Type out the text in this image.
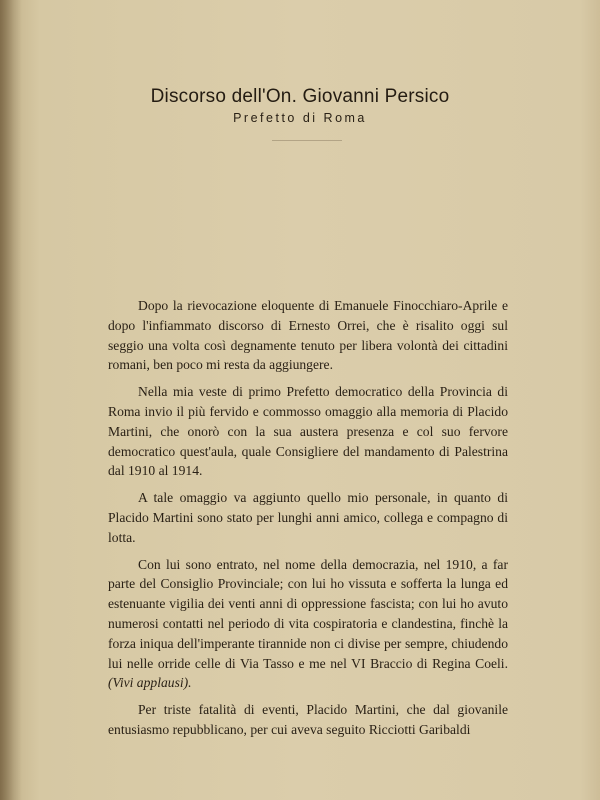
Discorso dell'On. Giovanni Persico
Prefetto di Roma

Dopo la rievocazione eloquente di Emanuele Finocchiaro-Aprile e dopo l'infiammato discorso di Ernesto Orrei, che è risalito oggi sul seggio una volta così degnamente tenuto per libera volontà dei cittadini romani, ben poco mi resta da aggiungere.

Nella mia veste di primo Prefetto democratico della Provincia di Roma invio il più fervido e commosso omaggio alla memoria di Placido Martini, che onorò con la sua austera presenza e col suo fervore democratico quest'aula, quale Consigliere del mandamento di Palestrina dal 1910 al 1914.

A tale omaggio va aggiunto quello mio personale, in quanto di Placido Martini sono stato per lunghi anni amico, collega e compagno di lotta.

Con lui sono entrato, nel nome della democrazia, nel 1910, a far parte del Consiglio Provinciale; con lui ho vissuta e sofferta la lunga ed estenuante vigilia dei venti anni di oppressione fascista; con lui ho avuto numerosi contatti nel periodo di vita cospiratoria e clandestina, finchè la forza iniqua dell'imperante tirannide non ci divise per sempre, chiudendo lui nelle orride celle di Via Tasso e me nel VI Braccio di Regina Coeli. (Vivi applausi).

Per triste fatalità di eventi, Placido Martini, che dal giovanile entusiasmo repubblicano, per cui aveva seguito Ricciotti Garibaldi
